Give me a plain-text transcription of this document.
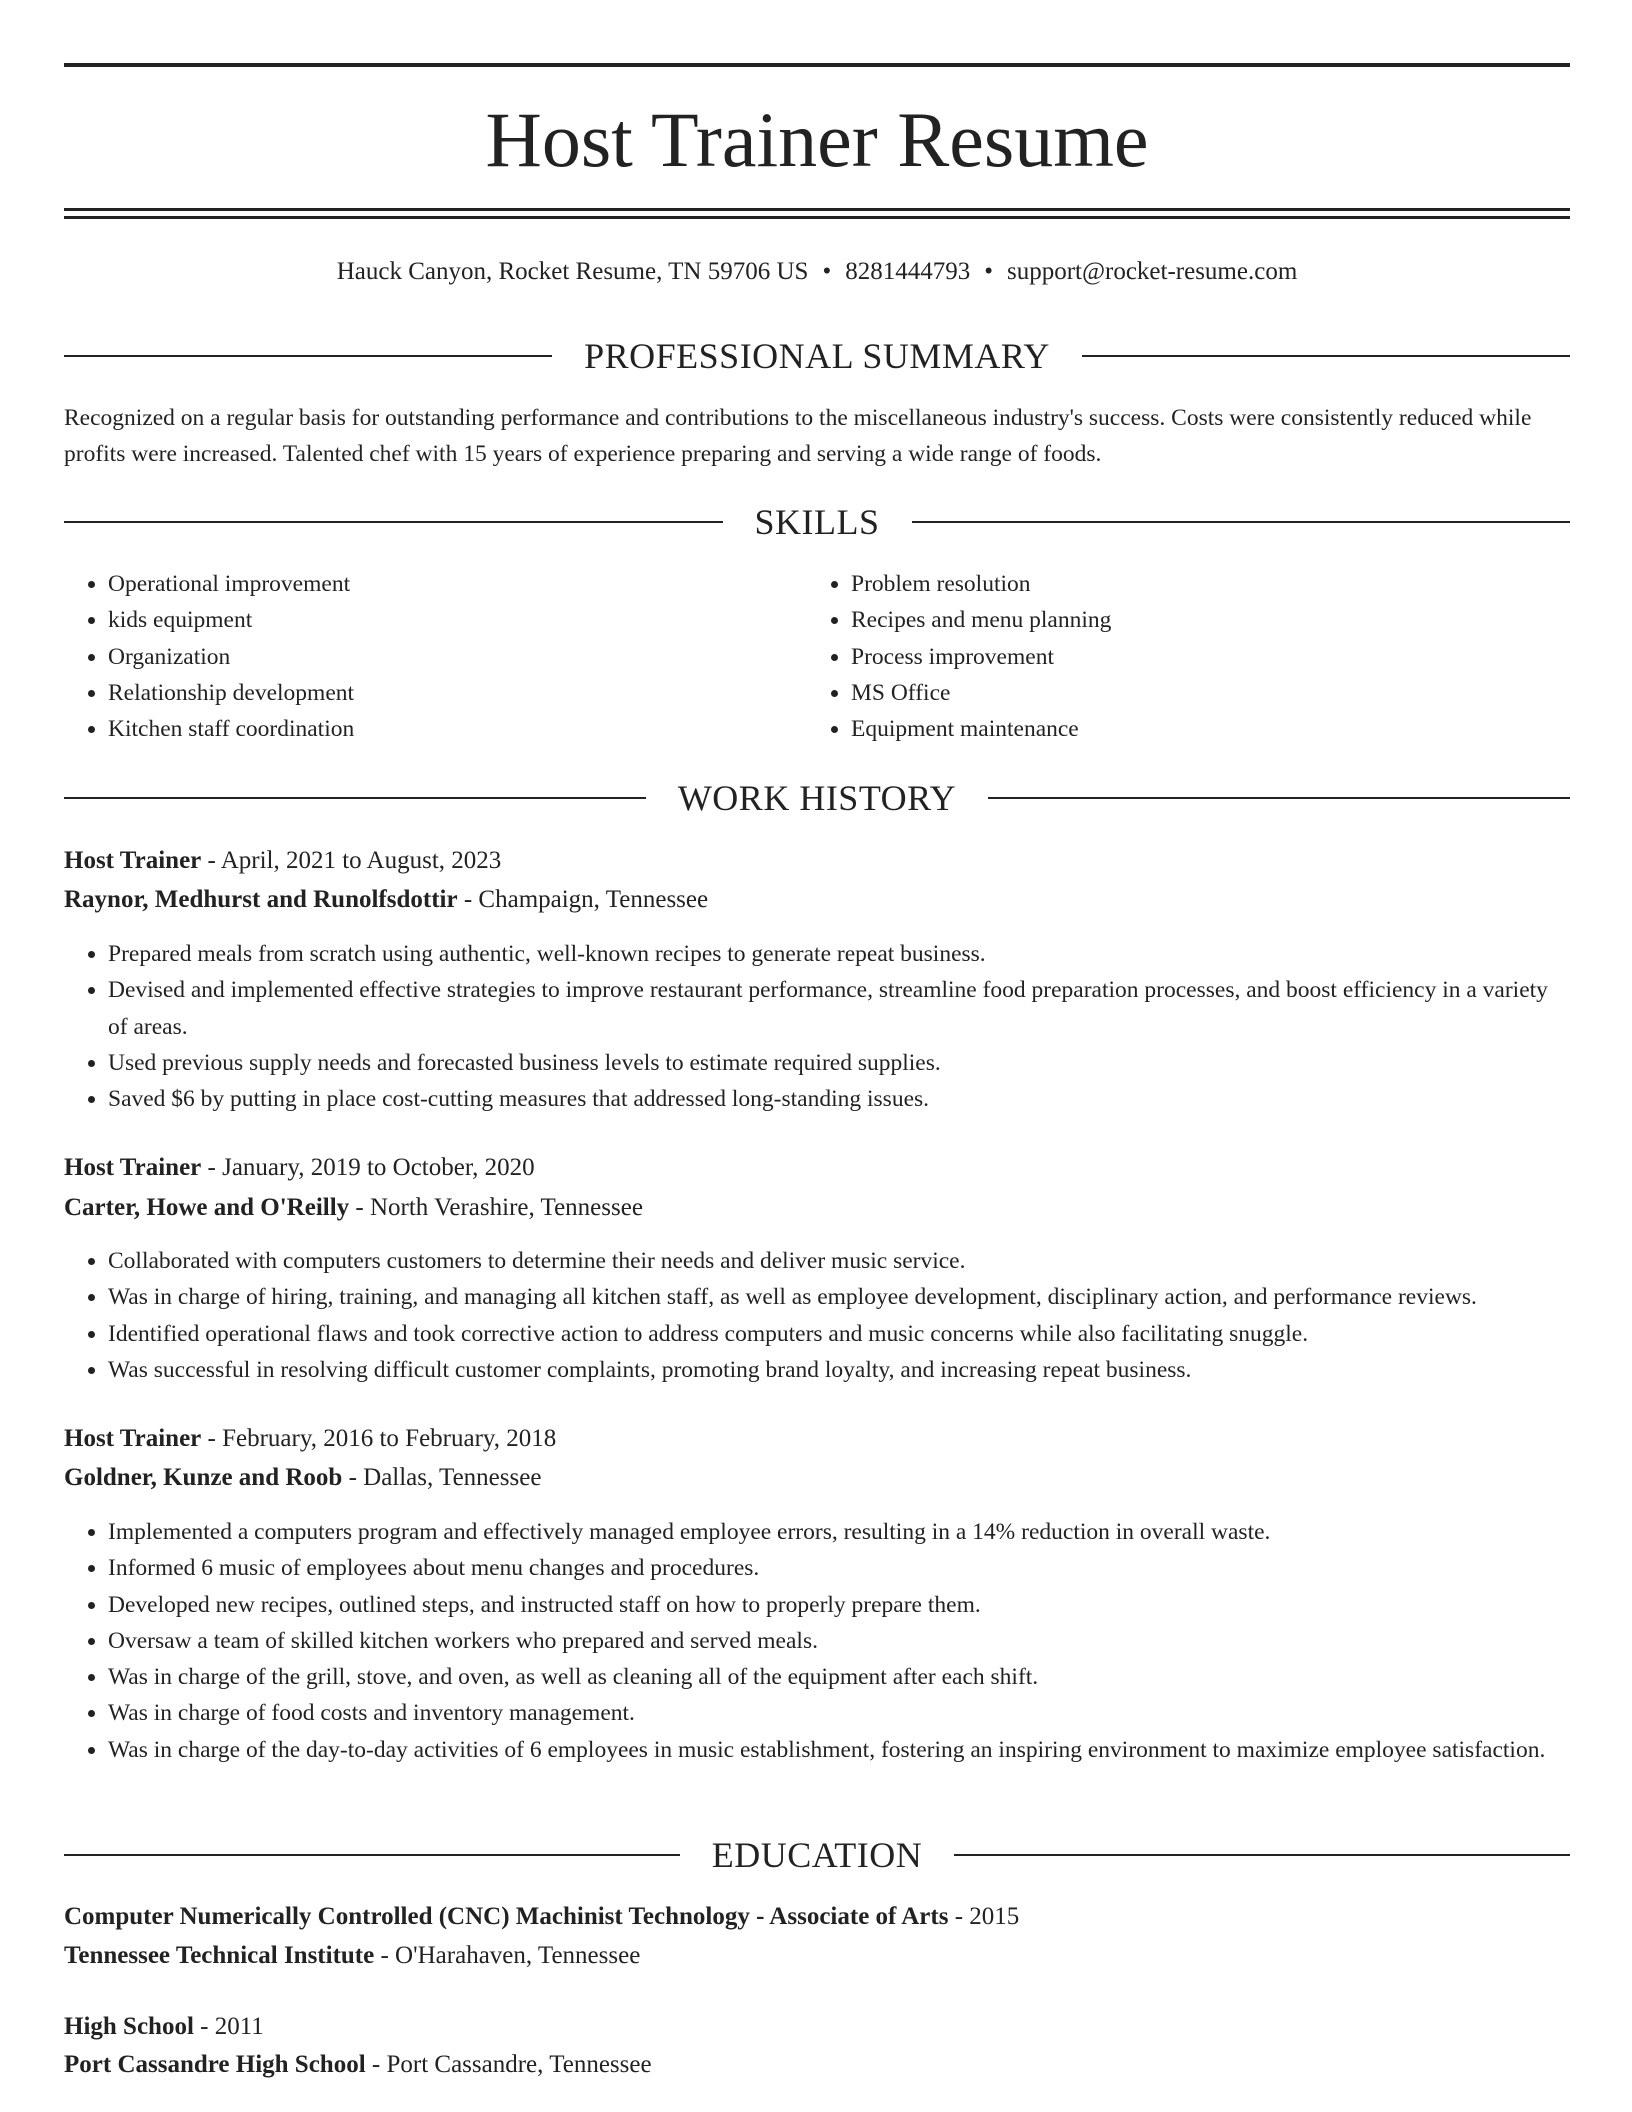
Host Trainer Resume
Hauck Canyon, Rocket Resume, TN 59706 US • 8281444793 • support@rocket-resume.com
PROFESSIONAL SUMMARY
Recognized on a regular basis for outstanding performance and contributions to the miscellaneous industry's success. Costs were consistently reduced while profits were increased. Talented chef with 15 years of experience preparing and serving a wide range of foods.
SKILLS
• Operational improvement
• kids equipment
• Organization
• Relationship development
• Kitchen staff coordination
• Problem resolution
• Recipes and menu planning
• Process improvement
• MS Office
• Equipment maintenance
WORK HISTORY
Host Trainer - April, 2021 to August, 2023
Raynor, Medhurst and Runolfsdottir - Champaign, Tennessee
• Prepared meals from scratch using authentic, well-known recipes to generate repeat business.
• Devised and implemented effective strategies to improve restaurant performance, streamline food preparation processes, and boost efficiency in a variety of areas.
• Used previous supply needs and forecasted business levels to estimate required supplies.
• Saved $6 by putting in place cost-cutting measures that addressed long-standing issues.
Host Trainer - January, 2019 to October, 2020
Carter, Howe and O'Reilly - North Verashire, Tennessee
• Collaborated with computers customers to determine their needs and deliver music service.
• Was in charge of hiring, training, and managing all kitchen staff, as well as employee development, disciplinary action, and performance reviews.
• Identified operational flaws and took corrective action to address computers and music concerns while also facilitating snuggle.
• Was successful in resolving difficult customer complaints, promoting brand loyalty, and increasing repeat business.
Host Trainer - February, 2016 to February, 2018
Goldner, Kunze and Roob - Dallas, Tennessee
• Implemented a computers program and effectively managed employee errors, resulting in a 14% reduction in overall waste.
• Informed 6 music of employees about menu changes and procedures.
• Developed new recipes, outlined steps, and instructed staff on how to properly prepare them.
• Oversaw a team of skilled kitchen workers who prepared and served meals.
• Was in charge of the grill, stove, and oven, as well as cleaning all of the equipment after each shift.
• Was in charge of food costs and inventory management.
• Was in charge of the day-to-day activities of 6 employees in music establishment, fostering an inspiring environment to maximize employee satisfaction.
EDUCATION
Computer Numerically Controlled (CNC) Machinist Technology - Associate of Arts - 2015
Tennessee Technical Institute - O'Harahaven, Tennessee
High School - 2011
Port Cassandre High School - Port Cassandre, Tennessee
